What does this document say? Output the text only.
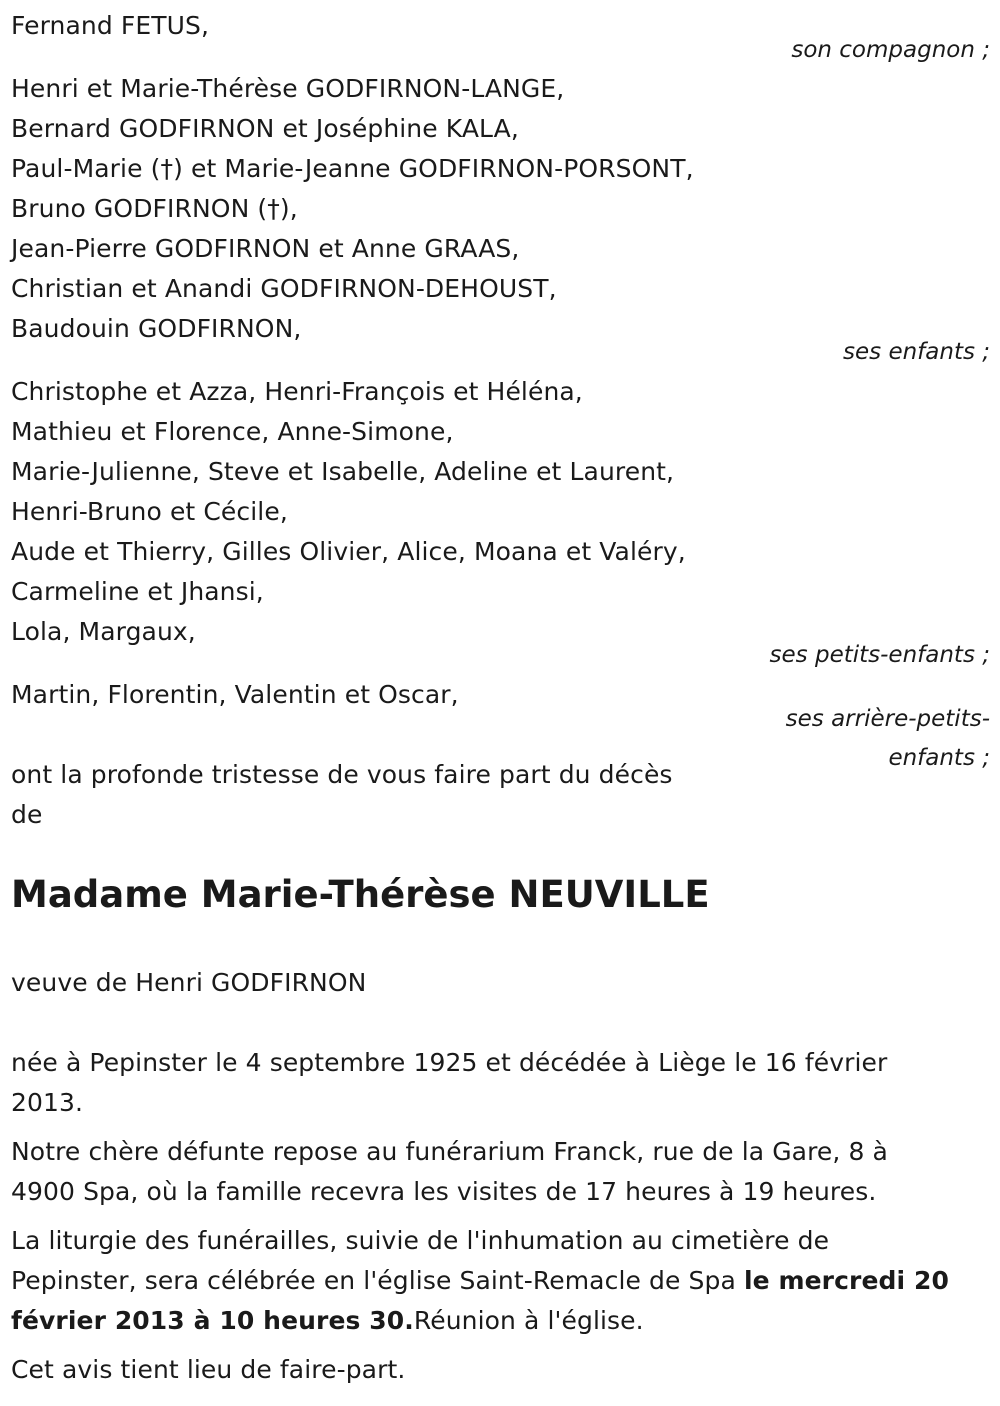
Fernand FETUS,
son compagnon ;
Henri et Marie-Thérèse GODFIRNON-LANGE,
Bernard GODFIRNON et Joséphine KALA,
Paul-Marie (†) et Marie-Jeanne GODFIRNON-PORSONT,
Bruno GODFIRNON (†),
Jean-Pierre GODFIRNON et Anne GRAAS,
Christian et Anandi GODFIRNON-DEHOUST,
Baudouin GODFIRNON,
ses enfants ;
Christophe et Azza, Henri-François et Héléna,
Mathieu et Florence, Anne-Simone,
Marie-Julienne, Steve et Isabelle, Adeline et Laurent,
Henri-Bruno et Cécile,
Aude et Thierry, Gilles Olivier, Alice, Moana et Valéry,
Carmeline et Jhansi,
Lola, Margaux,
ses petits-enfants ;
Martin, Florentin, Valentin et Oscar,
ses arrière-petits-
enfants ;
ont la profonde tristesse de vous faire part du décès
de
Madame Marie-Thérèse NEUVILLE
veuve de Henri GODFIRNON
née à Pepinster le 4 septembre 1925 et décédée à Liège le 16 février
2013.
Notre chère défunte repose au funérarium Franck, rue de la Gare, 8 à
4900 Spa, où la famille recevra les visites de 17 heures à 19 heures.
La liturgie des funérailles, suivie de l'inhumation au cimetière de
Pepinster, sera célébrée en l'église Saint-Remacle de Spa le mercredi 20
février 2013 à 10 heures 30.Réunion à l'église.
Cet avis tient lieu de faire-part.
